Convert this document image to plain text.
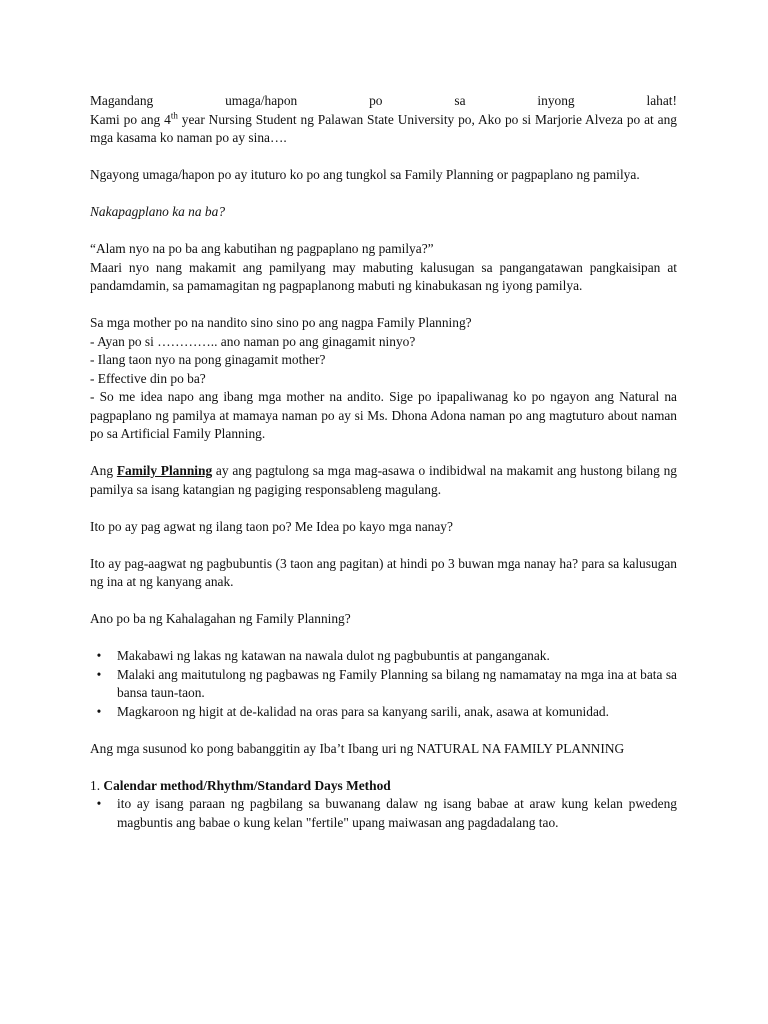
Magandang umaga/hapon po sa inyong lahat!
Kami po ang 4th year Nursing Student ng Palawan State University po, Ako po si Marjorie Alveza po at ang mga kasama ko naman po ay sina….

Ngayong umaga/hapon po ay ituturo ko po ang tungkol sa Family Planning or pagpaplano ng pamilya.

Nakapagplano ka na ba?

“Alam nyo na po ba ang kabutihan ng pagpaplano ng pamilya?”
Maari nyo nang makamit ang pamilyang may mabuting kalusugan sa pangangatawan pangkaisipan at pandamdamin, sa pamamagitan ng pagpaplanong mabuti ng kinabukasan ng iyong pamilya.

Sa mga mother po na nandito sino sino po ang nagpa Family Planning?
- Ayan po si ………….. ano naman po ang ginagamit ninyo?
- Ilang taon nyo na pong ginagamit mother?
- Effective din po ba?
- So me idea napo ang ibang mga mother na andito. Sige po ipapaliwanag ko po ngayon ang Natural na pagpaplano ng pamilya at mamaya naman po ay si Ms. Dhona Adona naman po ang magtuturo about naman po sa Artificial Family Planning.

Ang Family Planning ay ang pagtulong sa mga mag-asawa o indibidwal na makamit ang hustong bilang ng pamilya sa isang katangian ng pagiging responsableng magulang.

Ito po ay pag agwat ng ilang taon po? Me Idea po kayo mga nanay?

Ito ay pag-aagwat ng pagbubuntis (3 taon ang pagitan) at hindi po 3 buwan mga nanay ha? para sa kalusugan ng ina at ng kanyang anak.

Ano po ba ng Kahalagahan ng Family Planning?

• Makabawi ng lakas ng katawan na nawala dulot ng pagbubuntis at panganganak.
• Malaki ang maitutulong ng pagbawas ng Family Planning sa bilang ng namamatay na mga ina at bata sa bansa taun-taon.
• Magkaroon ng higit at de-kalidad na oras para sa kanyang sarili, anak, asawa at komunidad.

Ang mga susunod ko pong babanggitin ay Iba’t Ibang uri ng NATURAL NA FAMILY PLANNING

1. Calendar method/Rhythm/Standard Days Method
• ito ay isang paraan ng pagbilang sa buwanang dalaw ng isang babae at araw kung kelan pwedeng magbuntis ang babae o kung kelan "fertile" upang maiwasan ang pagdadalang tao.
